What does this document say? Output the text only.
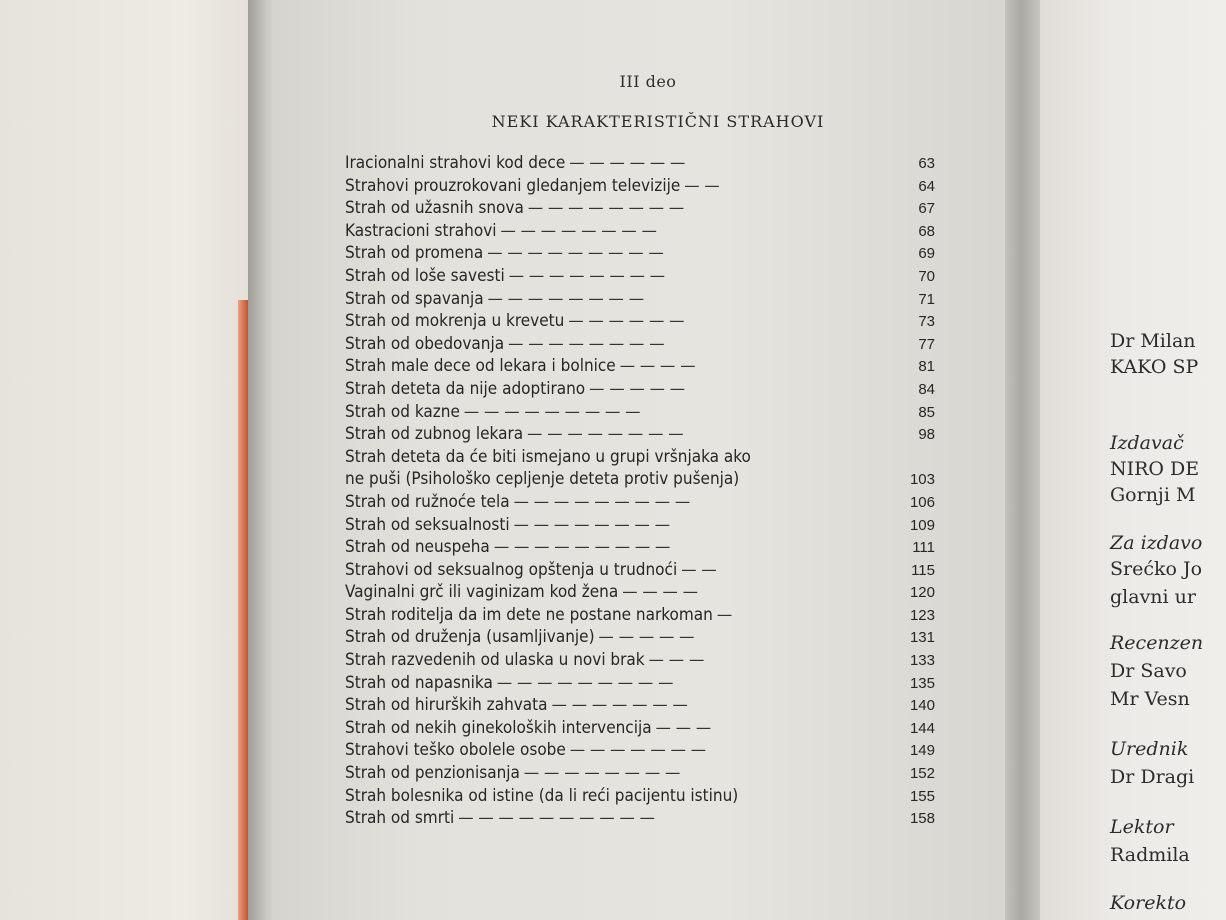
III deo
NEKI KARAKTERISTIČNI STRAHOVI
Iracionalni strahovi kod dece — — — — — —	63
Strahovi prouzrokovani gledanjem televizije — —	64
Strah od užasnih snova — — — — — — — —	67
Kastracioni strahovi — — — — — — — —	68
Strah od promena — — — — — — — — —	69
Strah od loše savesti — — — — — — — —	70
Strah od spavanja — — — — — — — —	71
Strah od mokrenja u krevetu — — — — — —	73
Strah od obedovanja — — — — — — — —	77
Strah male dece od lekara i bolnice — — — —	81
Strah deteta da nije adoptirano — — — — —	84
Strah od kazne — — — — — — — — —	85
Strah od zubnog lekara — — — — — — — —	98
Strah deteta da će biti ismejano u grupi vršnjaka ako
ne puši (Psihološko cepljenje deteta protiv pušenja)	103
Strah od ružnoće tela — — — — — — — — —	106
Strah od seksualnosti — — — — — — — —	109
Strah od neuspeha — — — — — — — — —	111
Strahovi od seksualnog opštenja u trudnoći — —	115
Vaginalni grč ili vaginizam kod žena — — — —	120
Strah roditelja da im dete ne postane narkoman —	123
Strah od druženja (usamljivanje) — — — — —	131
Strah razvedenih od ulaska u novi brak — — —	133
Strah od napasnika — — — — — — — — —	135
Strah od hirurških zahvata — — — — — — —	140
Strah od nekih ginekoloških intervencija — — —	144
Strahovi teško obolele osobe — — — — — — —	149
Strah od penzionisanja — — — — — — — —	152
Strah bolesnika od istine (da li reći pacijentu istinu)	155
Strah od smrti — — — — — — — — — —	158
Dr Milan
KAKO SP
Izdavač
NIRO DE
Gornji M
Za izdavo
Srećko Jo
glavni ur
Recenzen
Dr Savo
Mr Vesn
Urednik
Dr Dragi
Lektor
Radmila
Korekto
